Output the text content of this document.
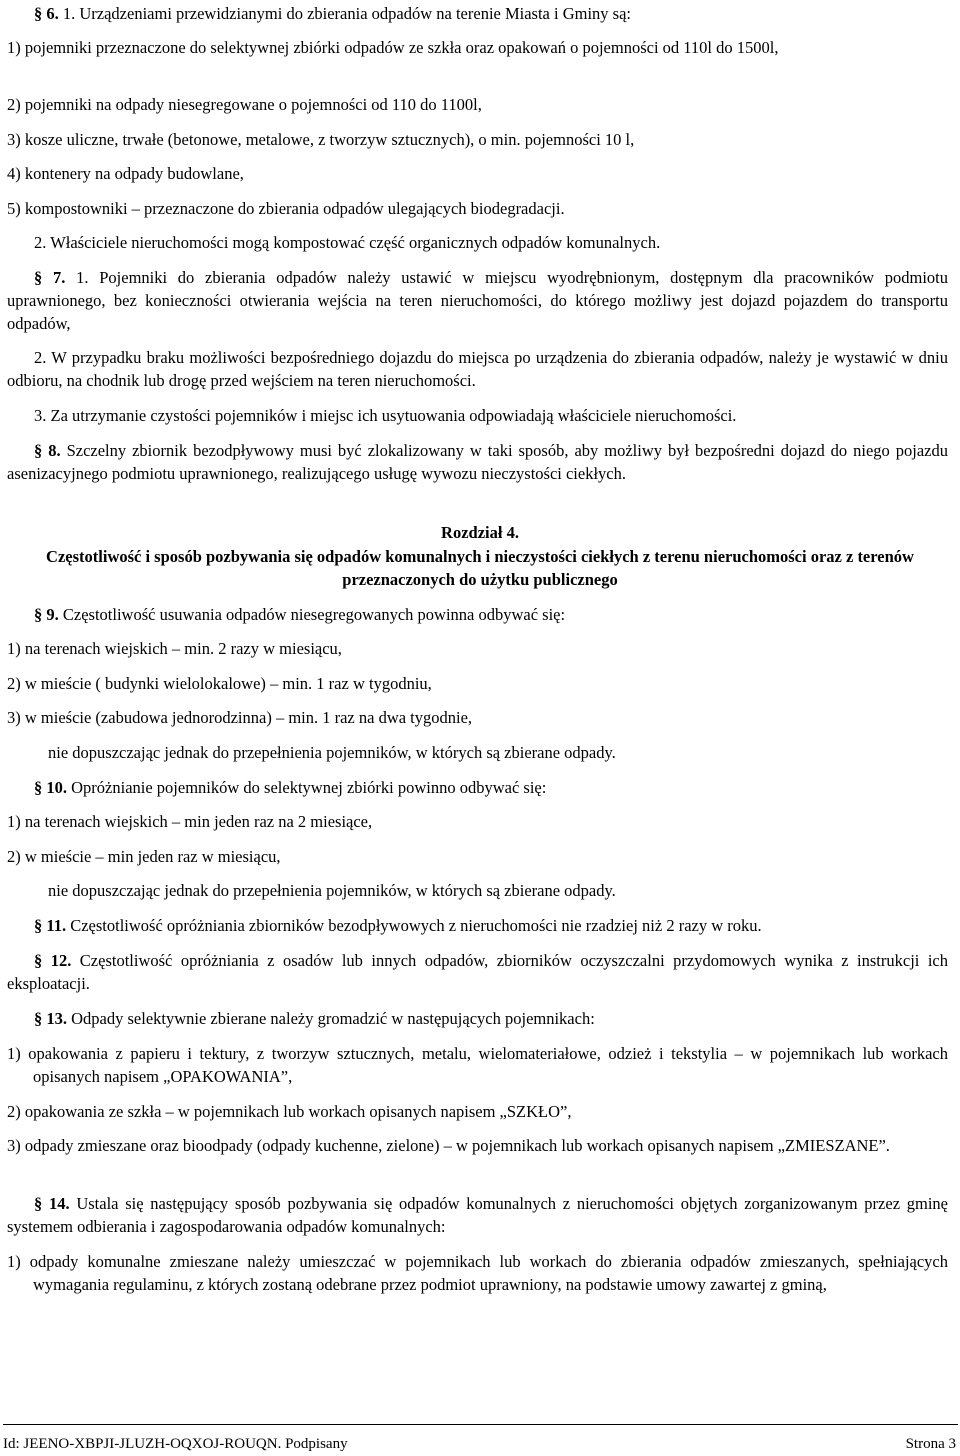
§ 6. 1. Urządzeniami przewidzianymi do zbierania odpadów na terenie Miasta i Gminy są:

1) pojemniki przeznaczone do selektywnej zbiórki odpadów ze szkła oraz opakowań o pojemności od 110l do 1500l,

2) pojemniki na odpady niesegregowane o pojemności od 110 do 1100l,

3) kosze uliczne, trwałe (betonowe, metalowe, z tworzyw sztucznych), o min. pojemności 10 l,

4) kontenery na odpady budowlane,

5) kompostowniki – przeznaczone do zbierania odpadów ulegających biodegradacji.

2. Właściciele nieruchomości mogą kompostować część organicznych odpadów komunalnych.

§ 7. 1. Pojemniki do zbierania odpadów należy ustawić w miejscu wyodrębnionym, dostępnym dla pracowników podmiotu uprawnionego, bez konieczności otwierania wejścia na teren nieruchomości, do którego możliwy jest dojazd pojazdem do transportu odpadów,

2. W przypadku braku możliwości bezpośredniego dojazdu do miejsca po urządzenia do zbierania odpadów, należy je wystawić w dniu odbioru, na chodnik lub drogę przed wejściem na teren nieruchomości.

3. Za utrzymanie czystości pojemników i miejsc ich usytuowania odpowiadają właściciele nieruchomości.

§ 8. Szczelny zbiornik bezodpływowy musi być zlokalizowany w taki sposób, aby możliwy był bezpośredni dojazd do niego pojazdu asenizacyjnego podmiotu uprawnionego, realizującego usługę wywozu nieczystości ciekłych.

Rozdział 4.

Częstotliwość i sposób pozbywania się odpadów komunalnych i nieczystości ciekłych z terenu nieruchomości oraz z terenów przeznaczonych do użytku publicznego

§ 9. Częstotliwość usuwania odpadów niesegregowanych powinna odbywać się:

1) na terenach wiejskich – min. 2 razy w miesiącu,

2) w mieście ( budynki wielolokalowe) – min. 1 raz w tygodniu,

3) w mieście (zabudowa jednorodzinna) – min. 1 raz na dwa tygodnie,

nie dopuszczając jednak do przepełnienia pojemników, w których są zbierane odpady.

§ 10. Opróżnianie pojemników do selektywnej zbiórki powinno odbywać się:

1) na terenach wiejskich – min jeden raz na 2 miesiące,

2) w mieście – min jeden raz w miesiącu,

nie dopuszczając jednak do przepełnienia pojemników, w których są zbierane odpady.

§ 11. Częstotliwość opróżniania zbiorników bezodpływowych z nieruchomości nie rzadziej niż 2 razy w roku.

§ 12. Częstotliwość opróżniania z osadów lub innych odpadów, zbiorników oczyszczalni przydomowych wynika z instrukcji ich eksploatacji.

§ 13. Odpady selektywnie zbierane należy gromadzić w następujących pojemnikach:

1) opakowania z papieru i tektury, z tworzyw sztucznych, metalu, wielomateriałowe, odzież i tekstylia – w pojemnikach lub workach opisanych napisem „OPAKOWANIA”,

2) opakowania ze szkła – w pojemnikach lub workach opisanych napisem „SZKŁO”,

3) odpady zmieszane oraz bioodpady (odpady kuchenne, zielone) – w pojemnikach lub workach opisanych napisem „ZMIESZANE”.

§ 14. Ustala się następujący sposób pozbywania się odpadów komunalnych z nieruchomości objętych zorganizowanym przez gminę systemem odbierania i zagospodarowania odpadów komunalnych:

1) odpady komunalne zmieszane należy umieszczać w pojemnikach lub workach do zbierania odpadów zmieszanych, spełniających wymagania regulaminu, z których zostaną odebrane przez podmiot uprawniony, na podstawie umowy zawartej z gminą,

Id: JEENO-XBPJI-JLUZH-OQXOJ-ROUQN. Podpisany	Strona 3
